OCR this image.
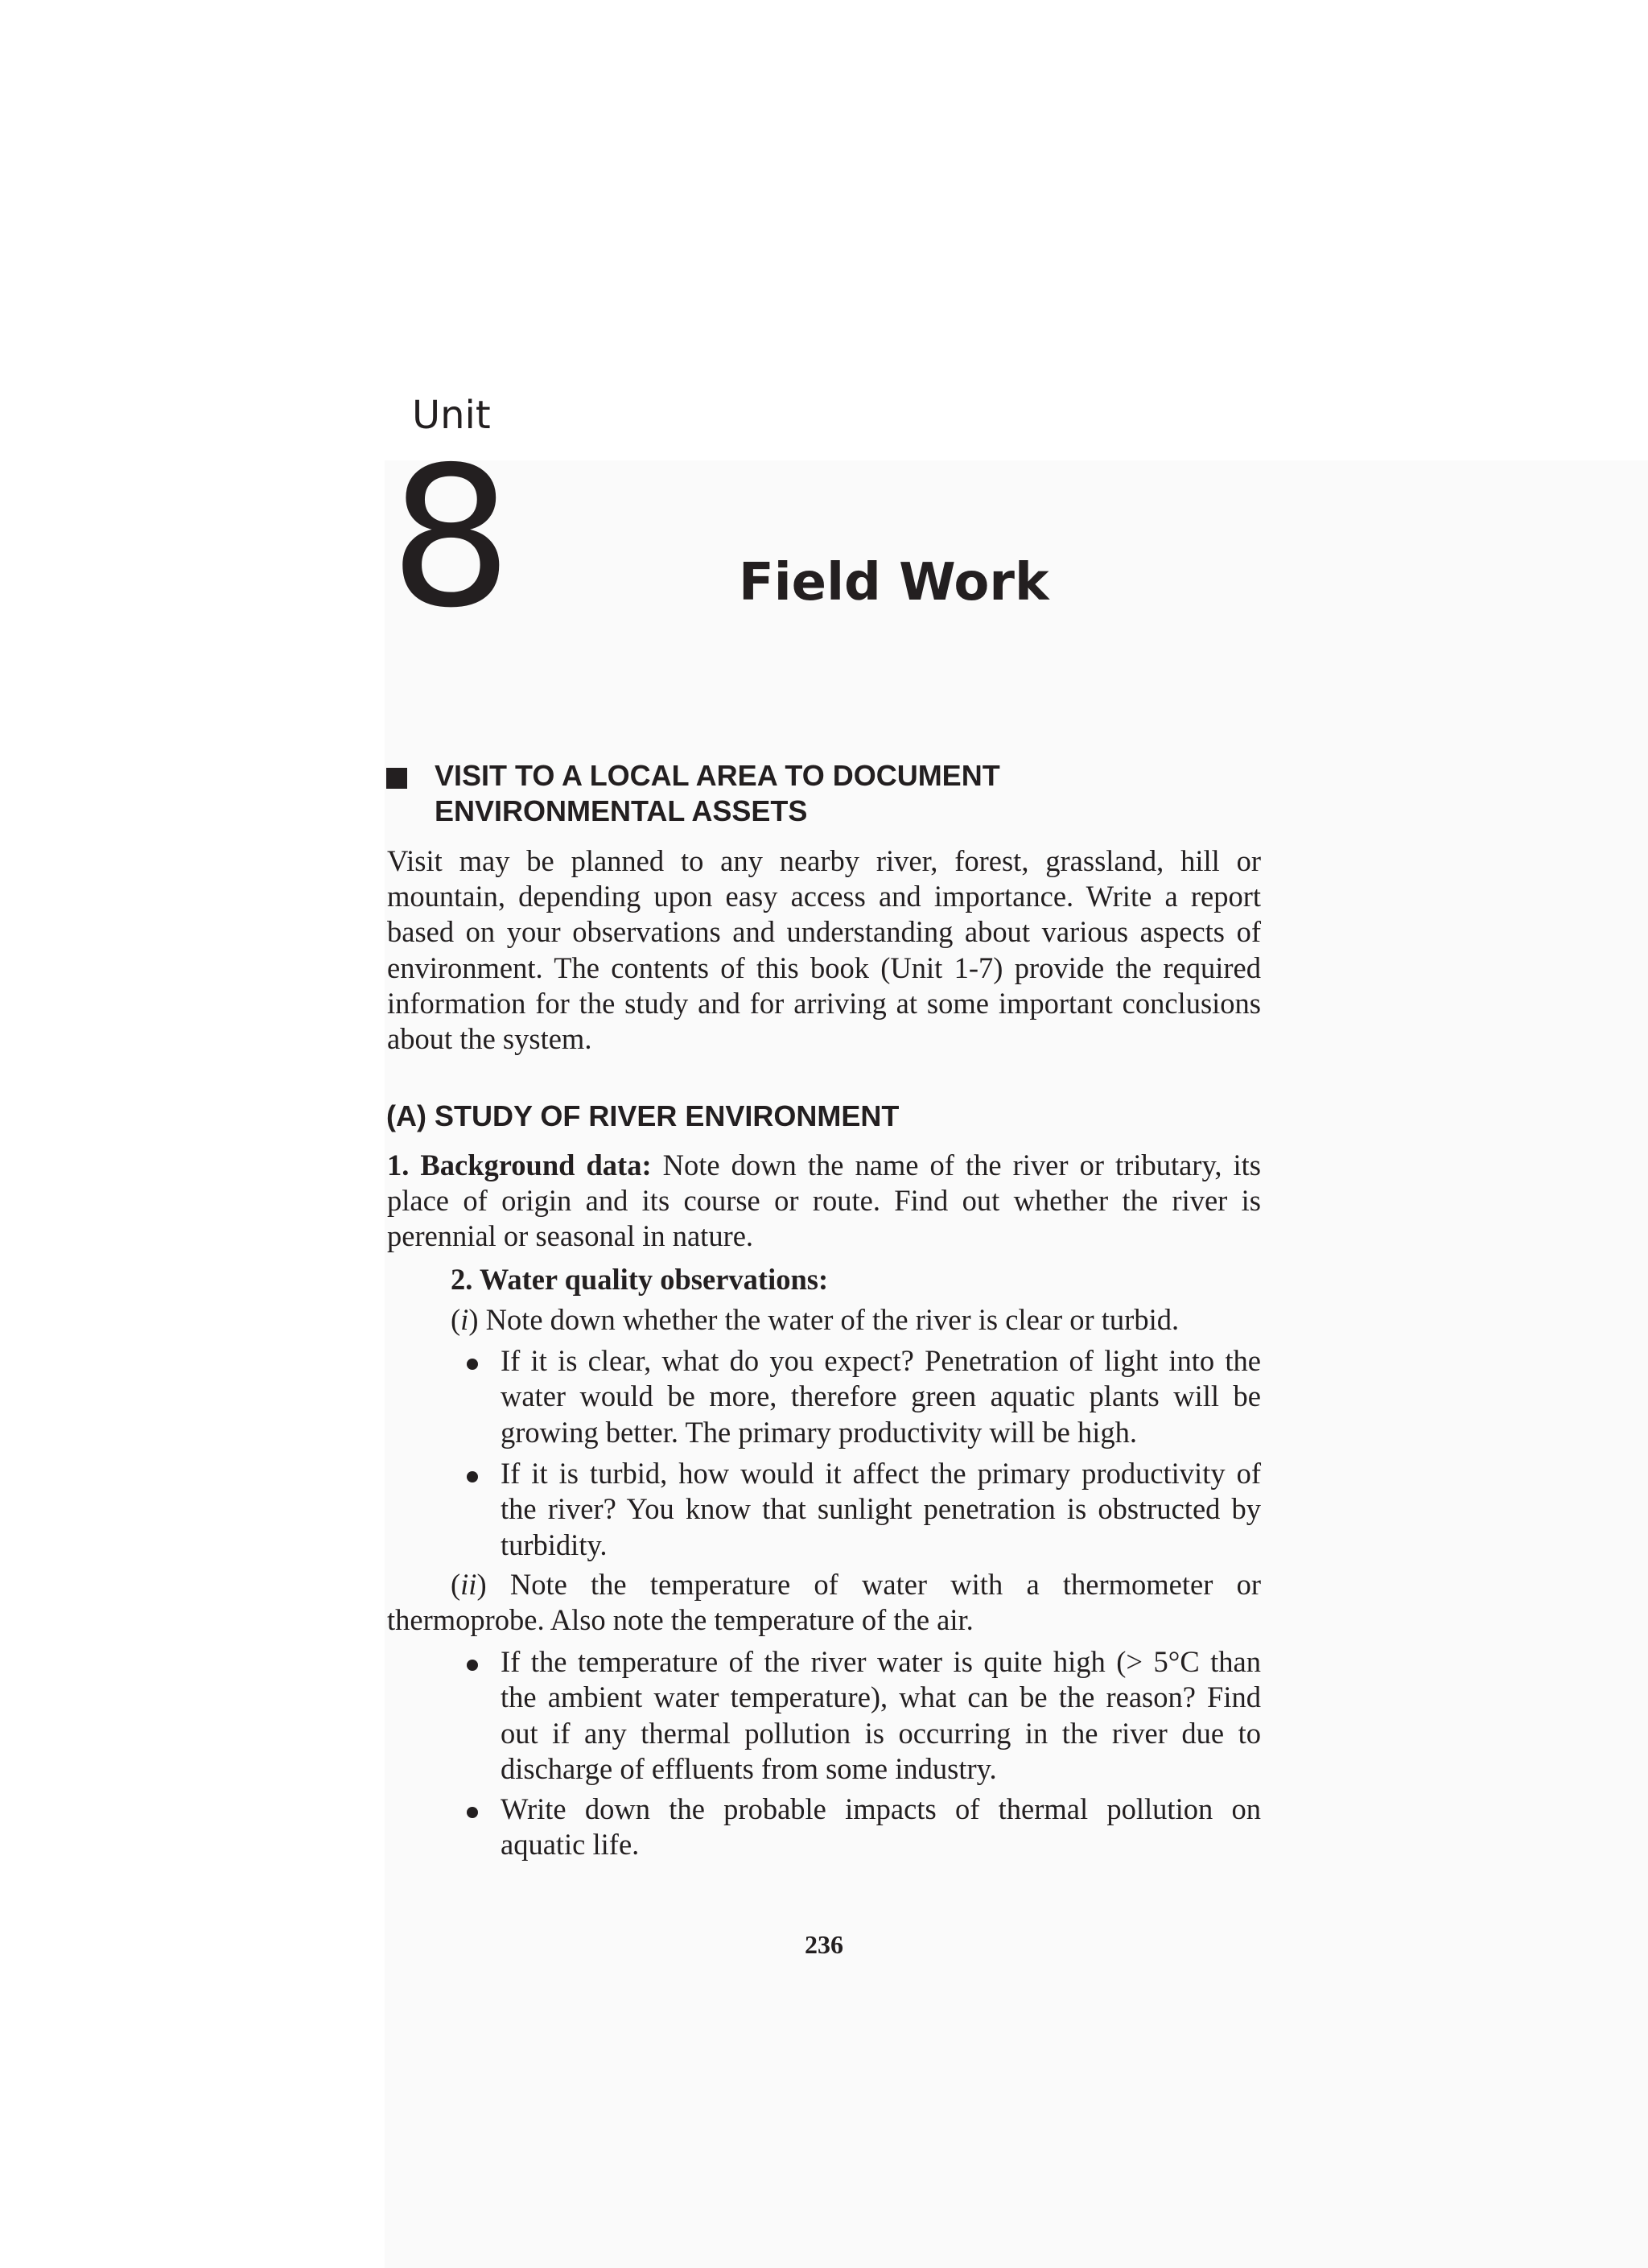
Unit
8	Field Work
VISIT TO A LOCAL AREA TO DOCUMENT
ENVIRONMENTAL ASSETS
Visit may be planned to any nearby river, forest, grassland, hill or mountain, depending upon easy access and importance. Write a report based on your observations and understanding about various aspects of environment. The contents of this book (Unit 1-7) provide the required information for the study and for arriving at some important conclusions about the system.
(A) STUDY OF RIVER ENVIRONMENT
1. Background data: Note down the name of the river or tributary, its place of origin and its course or route. Find out whether the river is perennial or seasonal in nature.
2. Water quality observations:
(i) Note down whether the water of the river is clear or turbid.
If it is clear, what do you expect? Penetration of light into the water would be more, therefore green aquatic plants will be growing better. The primary productivity will be high.
If it is turbid, how would it affect the primary productivity of the river? You know that sunlight penetration is obstructed by turbidity.
(ii) Note the temperature of water with a thermometer or thermoprobe. Also note the temperature of the air.
If the temperature of the river water is quite high (> 5°C than the ambient water temperature), what can be the reason? Find out if any thermal pollution is occurring in the river due to discharge of effluents from some industry.
Write down the probable impacts of thermal pollution on aquatic life.
236
